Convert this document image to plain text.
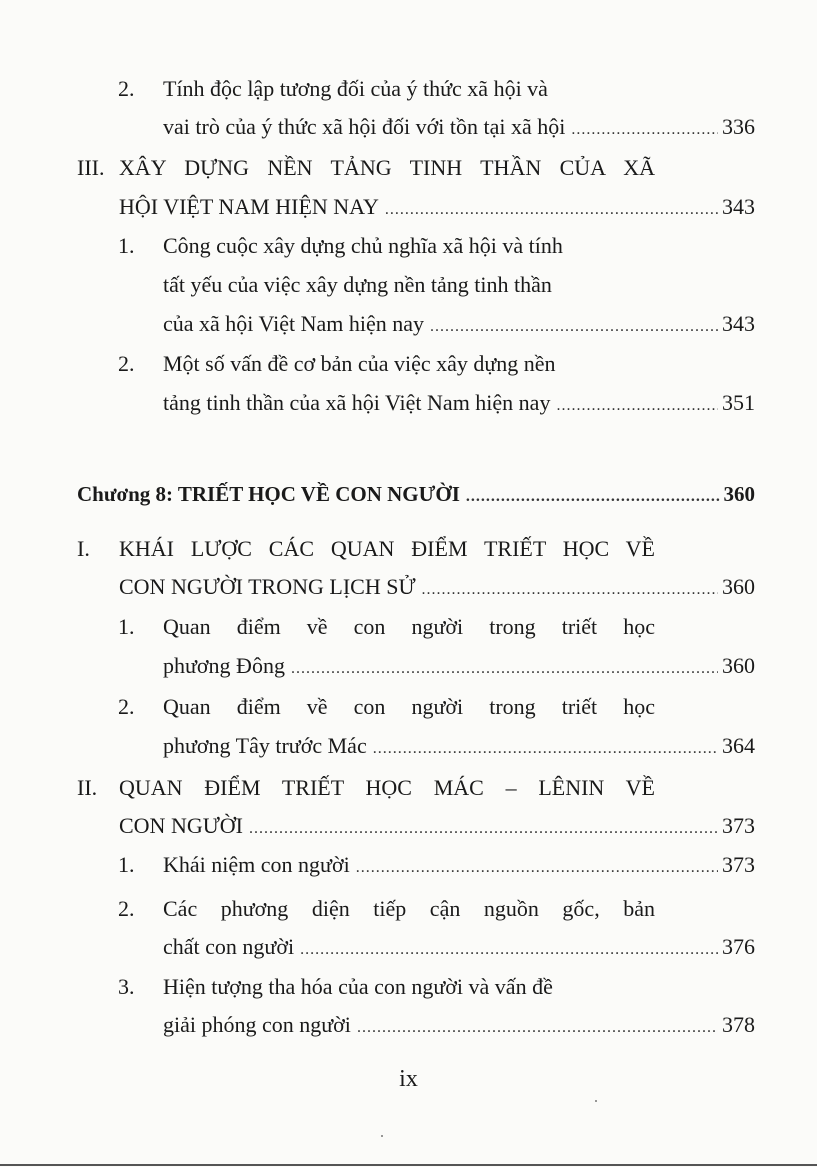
2. Tính độc lập tương đối của ý thức xã hội và
vai trò của ý thức xã hội đối với tồn tại xã hội .....	336
III. XÂY DỰNG NỀN TẢNG TINH THẦN CỦA XÃ
HỘI VIỆT NAM HIỆN NAY .....	343
1. Công cuộc xây dựng chủ nghĩa xã hội và tính
tất yếu của việc xây dựng nền tảng tinh thần
của xã hội Việt Nam hiện nay .....	343
2. Một số vấn đề cơ bản của việc xây dựng nền
tảng tinh thần của xã hội Việt Nam hiện nay .....	351
Chương 8: TRIẾT HỌC VỀ CON NGƯỜI .....	360
I. KHÁI LƯỢC CÁC QUAN ĐIỂM TRIẾT HỌC VỀ
CON NGƯỜI TRONG LỊCH SỬ .....	360
1. Quan điểm về con người trong triết học
phương Đông .....	360
2. Quan điểm về con người trong triết học
phương Tây trước Mác .....	364
II. QUAN ĐIỂM TRIẾT HỌC MÁC – LÊNIN VỀ
CON NGƯỜI .....	373
1. Khái niệm con người .....	373
2. Các phương diện tiếp cận nguồn gốc, bản
chất con người .....	376
3. Hiện tượng tha hóa của con người và vấn đề
giải phóng con người .....	378
ix
